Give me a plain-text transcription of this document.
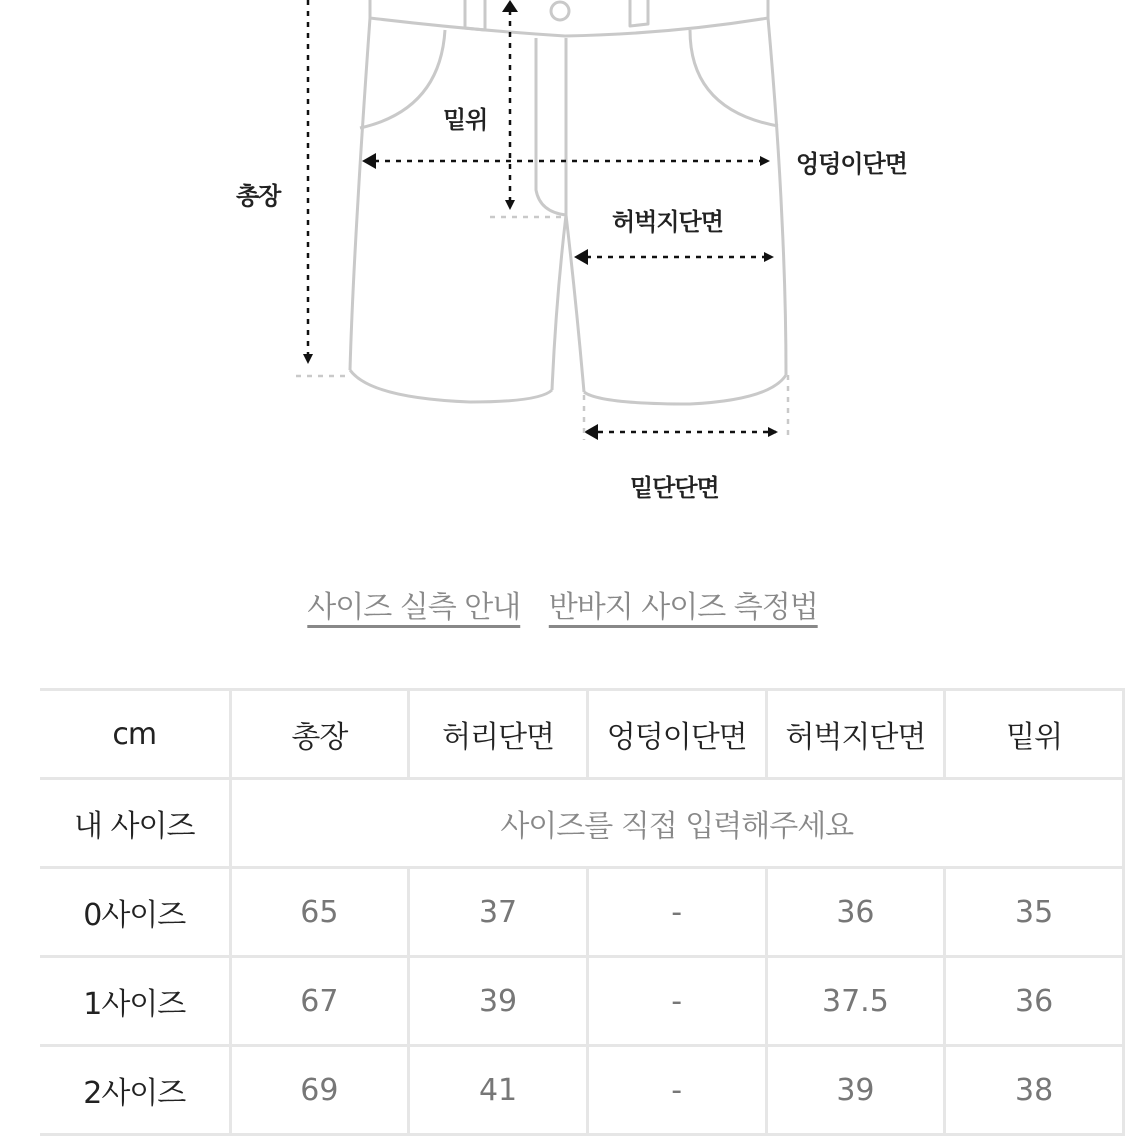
총장
밑위
엉덩이단면
허벅지단면
밑단단면
사이즈 실측 안내 반바지 사이즈 측정법
cm	총장	허리단면	엉덩이단면	허벅지단면	밑위
내 사이즈	사이즈를 직접 입력해주세요				
0사이즈	65	37	-	36	35
1사이즈	67	39	-	37.5	36
2사이즈	69	41	-	39	38
